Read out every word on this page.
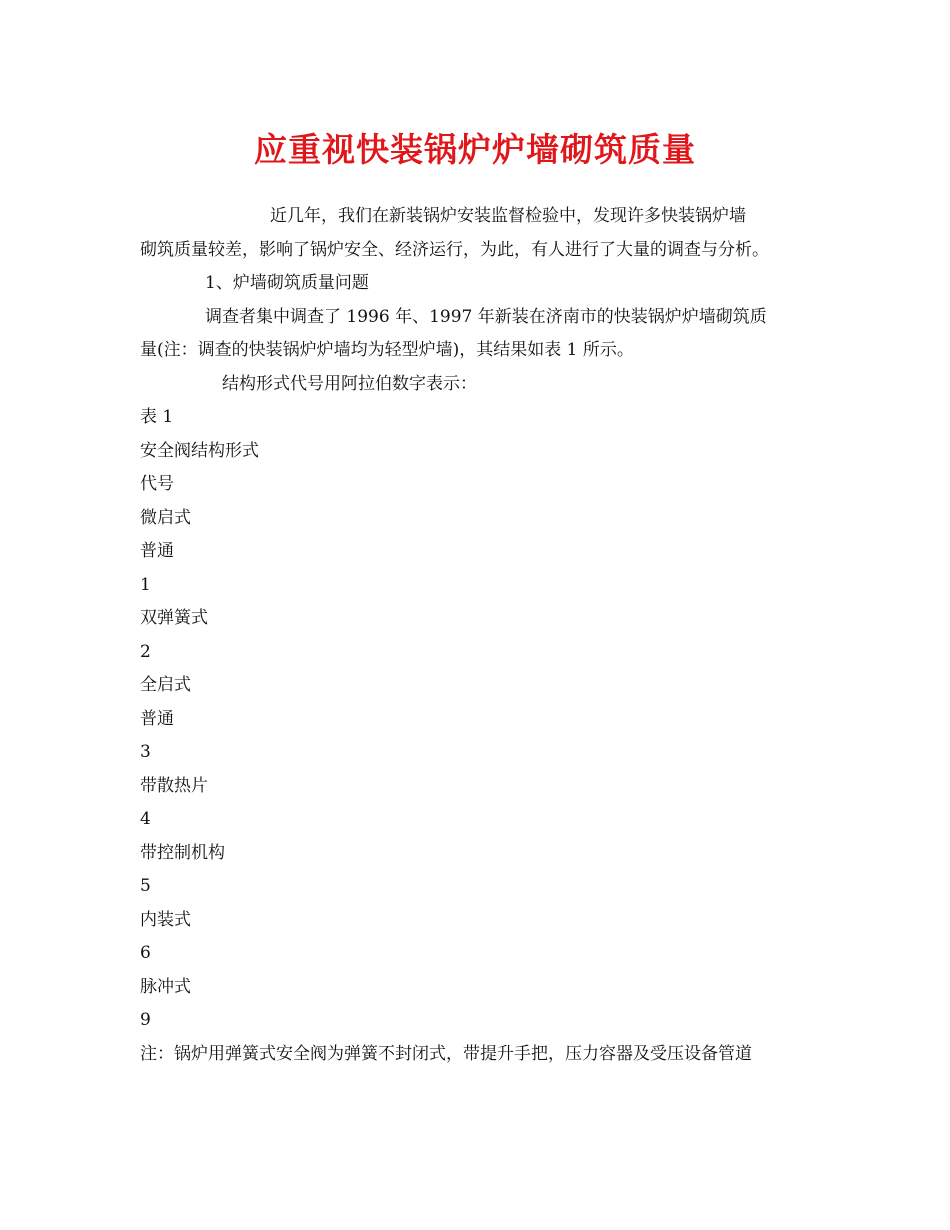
应重视快装锅炉炉墙砌筑质量

近几年，我们在新装锅炉安装监督检验中，发现许多快装锅炉墙

砌筑质量较差，影响了锅炉安全、经济运行，为此，有人进行了大量的调查与分析。

1、炉墙砌筑质量问题

调查者集中调查了 1996 年、1997 年新装在济南市的快装锅炉炉墙砌筑质

量(注：调查的快装锅炉炉墙均为轻型炉墙)，其结果如表 1 所示。

结构形式代号用阿拉伯数字表示：

表 1

安全阀结构形式

代号

微启式

普通

1

双弹簧式

2

全启式

普通

3

带散热片

4

带控制机构

5

内装式

6

脉冲式

9

注：锅炉用弹簧式安全阀为弹簧不封闭式，带提升手把，压力容器及受压设备管道
